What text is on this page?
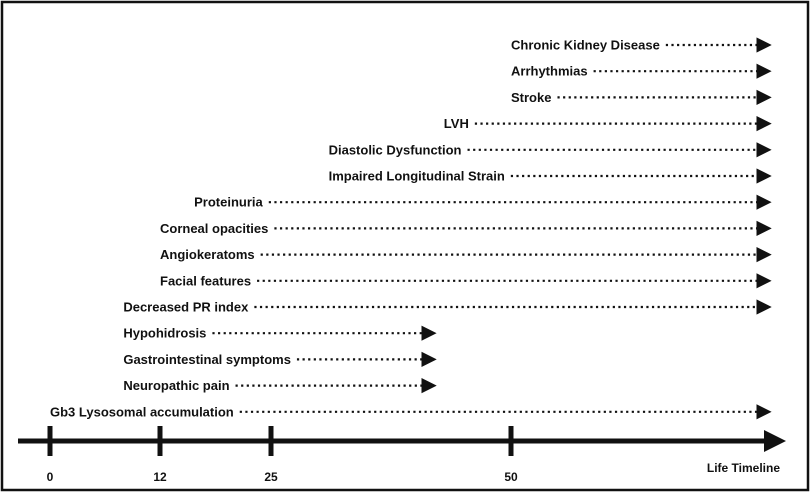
Chronic Kidney Disease
Arrhythmias
Stroke
LVH
Diastolic Dysfunction
Impaired Longitudinal Strain
Proteinuria
Corneal opacities
Angiokeratoms
Facial features
Decreased PR index
Hypohidrosis
Gastrointestinal symptoms
Neuropathic pain
Gb3 Lysosomal accumulation
0	12	25	50
Life Timeline
